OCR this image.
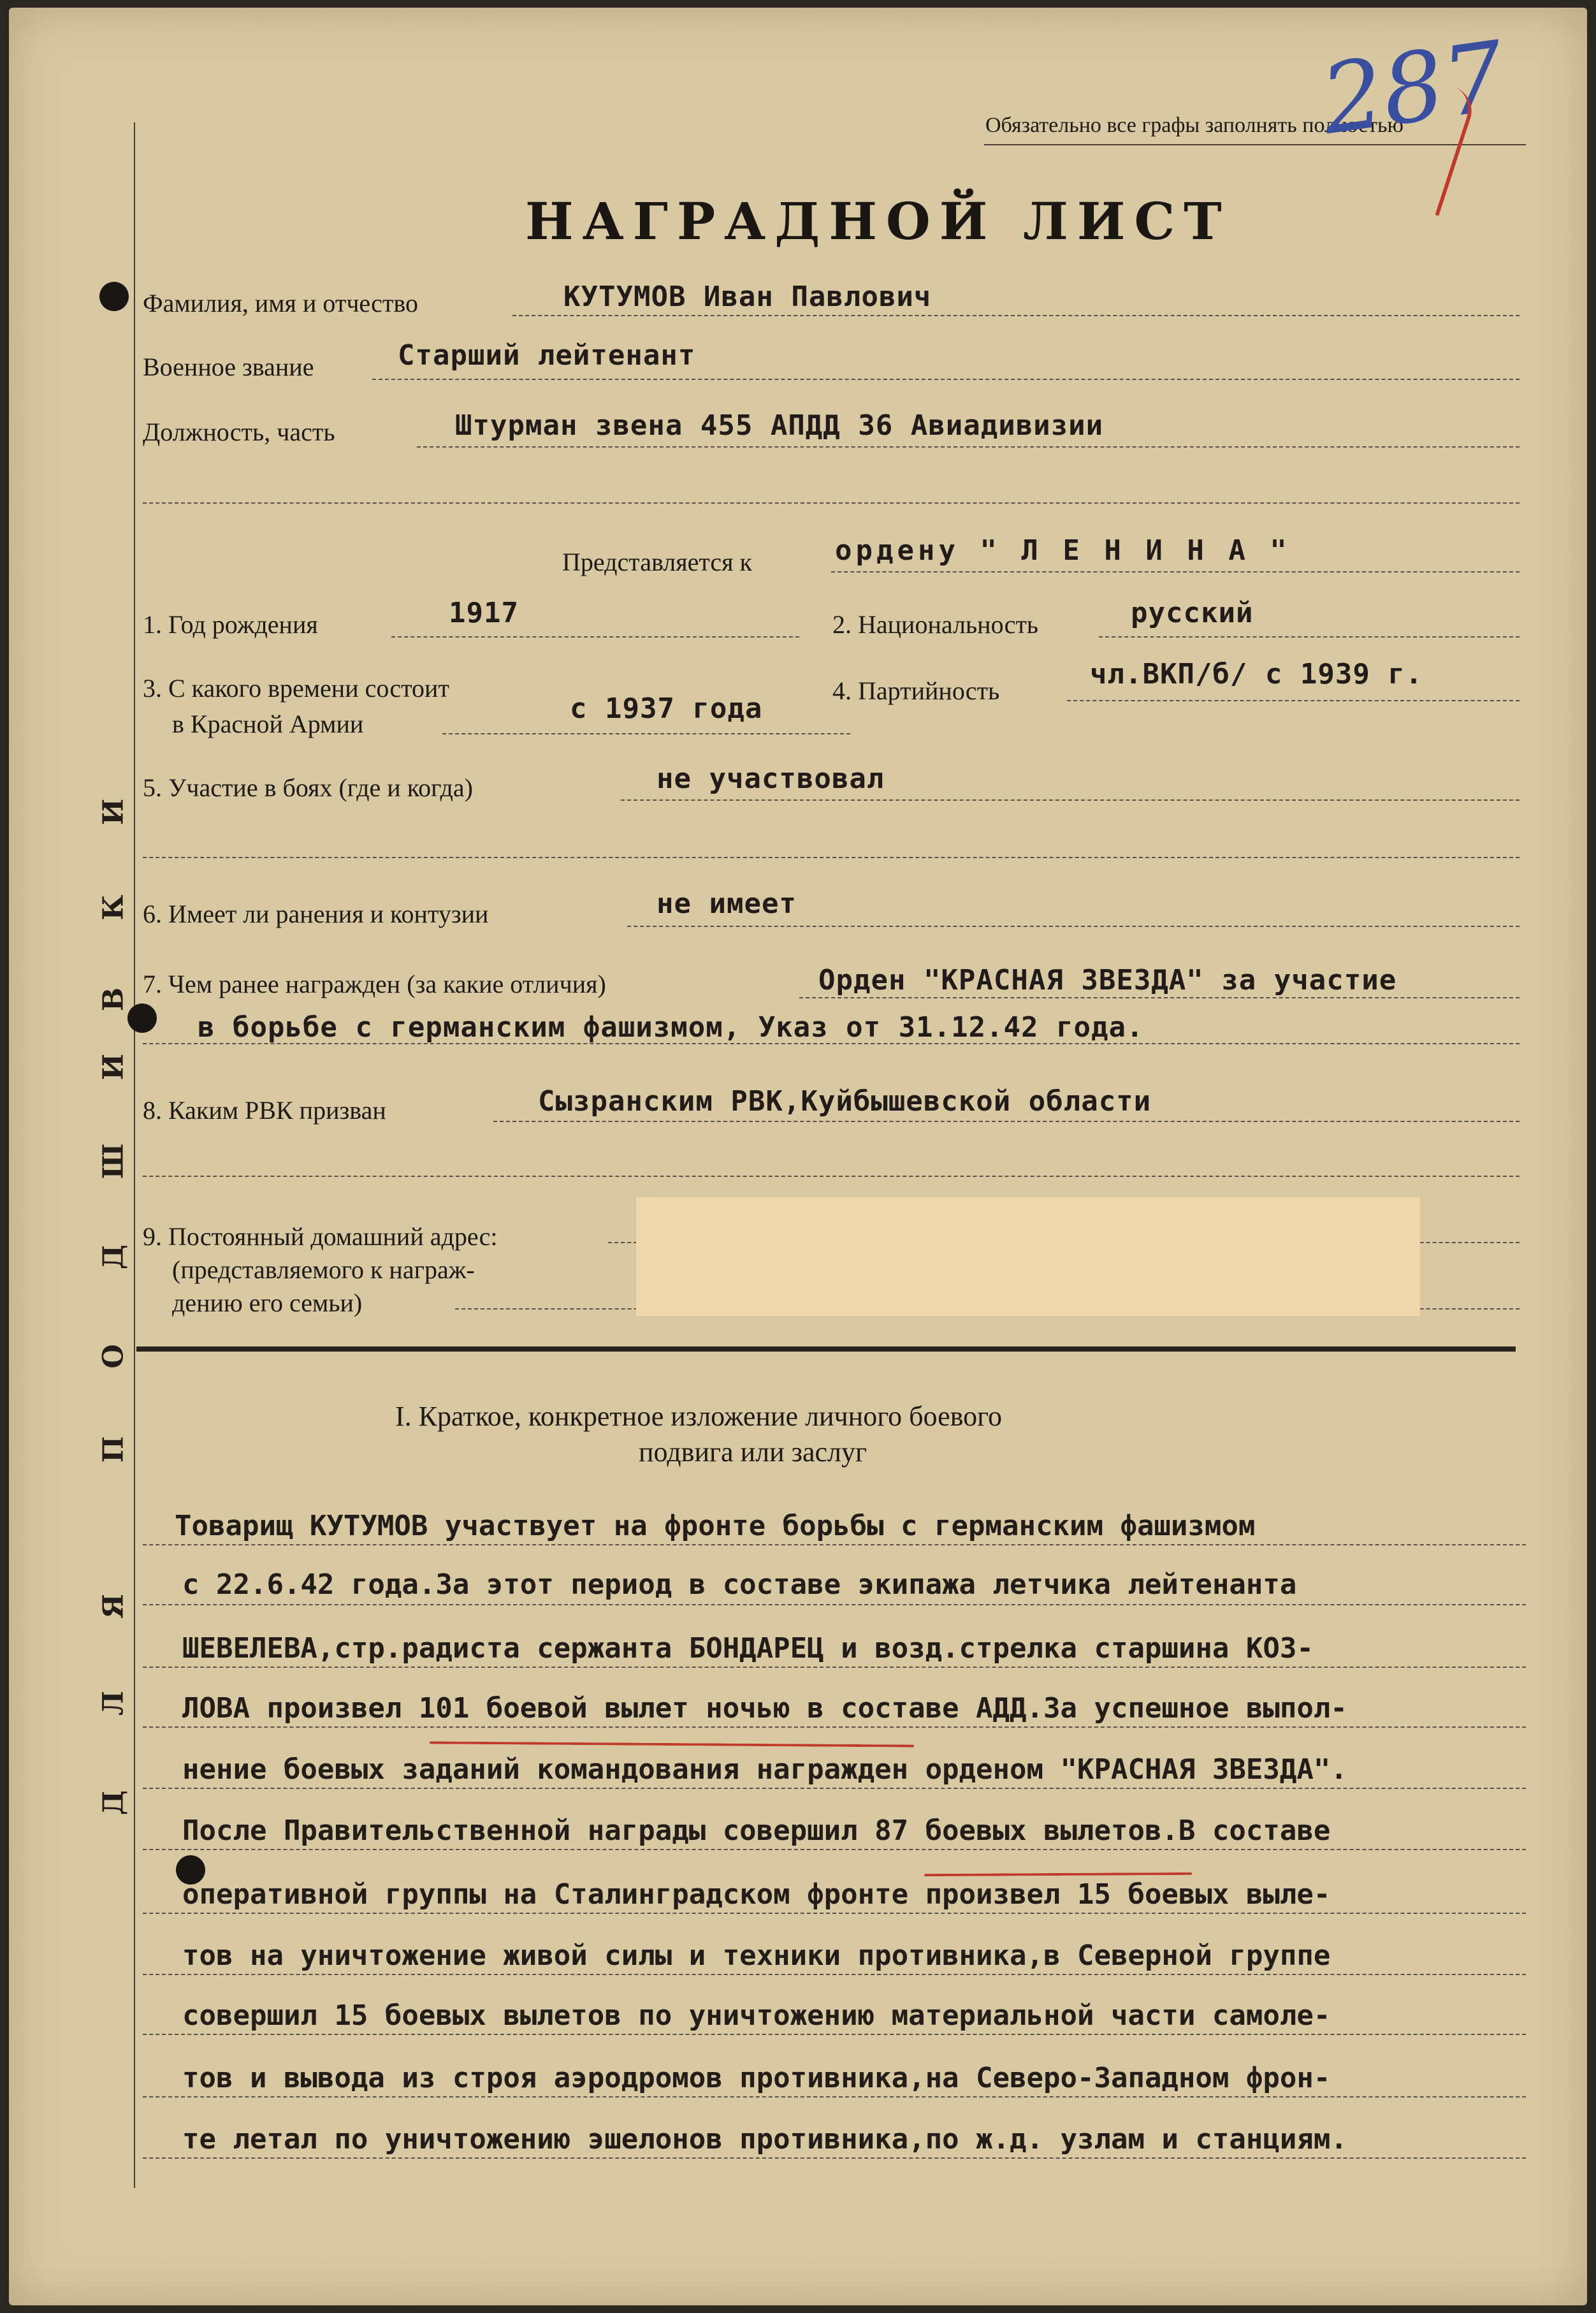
Обязательно все графы заполнять полностью
287
НАГРАДНОЙ ЛИСТ
Фамилия, имя и отчество	КУТУМОВ Иван Павлович
Военное звание	Старший лейтенант
Должность, часть	Штурман звена 455 АПДД 36 Авиадивизии
Представляется к	ордену " Л Е Н И Н А "
1. Год рождения	1917	2. Национальность	русский
3. С какого времени состоит
в Красной Армии	с 1937 года
4. Партийность
чл.ВКП/б/ с 1939 г.
5. Участие в боях (где и когда)	не участвовал
6. Имеет ли ранения и контузии	не имеет
7. Чем ранее награжден (за какие отличия)	Орден "КРАСНАЯ ЗВЕЗДА" за участие
в борьбе с германским фашизмом, Указ от 31.12.42 года.
8. Каким РВК призван	Сызранским РВК,Куйбышевской области
9. Постоянный домашний адрес:
(представляемого к награж-
дению его семьи)
I. Краткое, конкретное изложение личного боевого
подвига или заслуг
Товарищ КУТУМОВ участвует на фронте борьбы с германским фашизмом
с 22.6.42 года.За этот период в составе экипажа летчика лейтенанта
ШЕВЕЛЕВА,стр.радиста сержанта БОНДАРЕЦ и возд.стрелка старшина КОЗ-
ЛОВА произвел 101 боевой вылет ночью в составе АДД.За успешное выпол-
нение боевых заданий командования награжден орденом "КРАСНАЯ ЗВЕЗДА".
После Правительственной награды совершил 87 боевых вылетов.В составе
оперативной группы на Сталинградском фронте произвел 15 боевых выле-
тов на уничтожение живой силы и техники противника,в Северной группе
совершил 15 боевых вылетов по уничтожению материальной части самоле-
тов и вывода из строя аэродромов противника,на Северо-Западном фрон-
те летал по уничтожению эшелонов противника,по ж.д. узлам и станциям.
Д
Л
Я
П
О
Д
Ш
И
В
К
И
